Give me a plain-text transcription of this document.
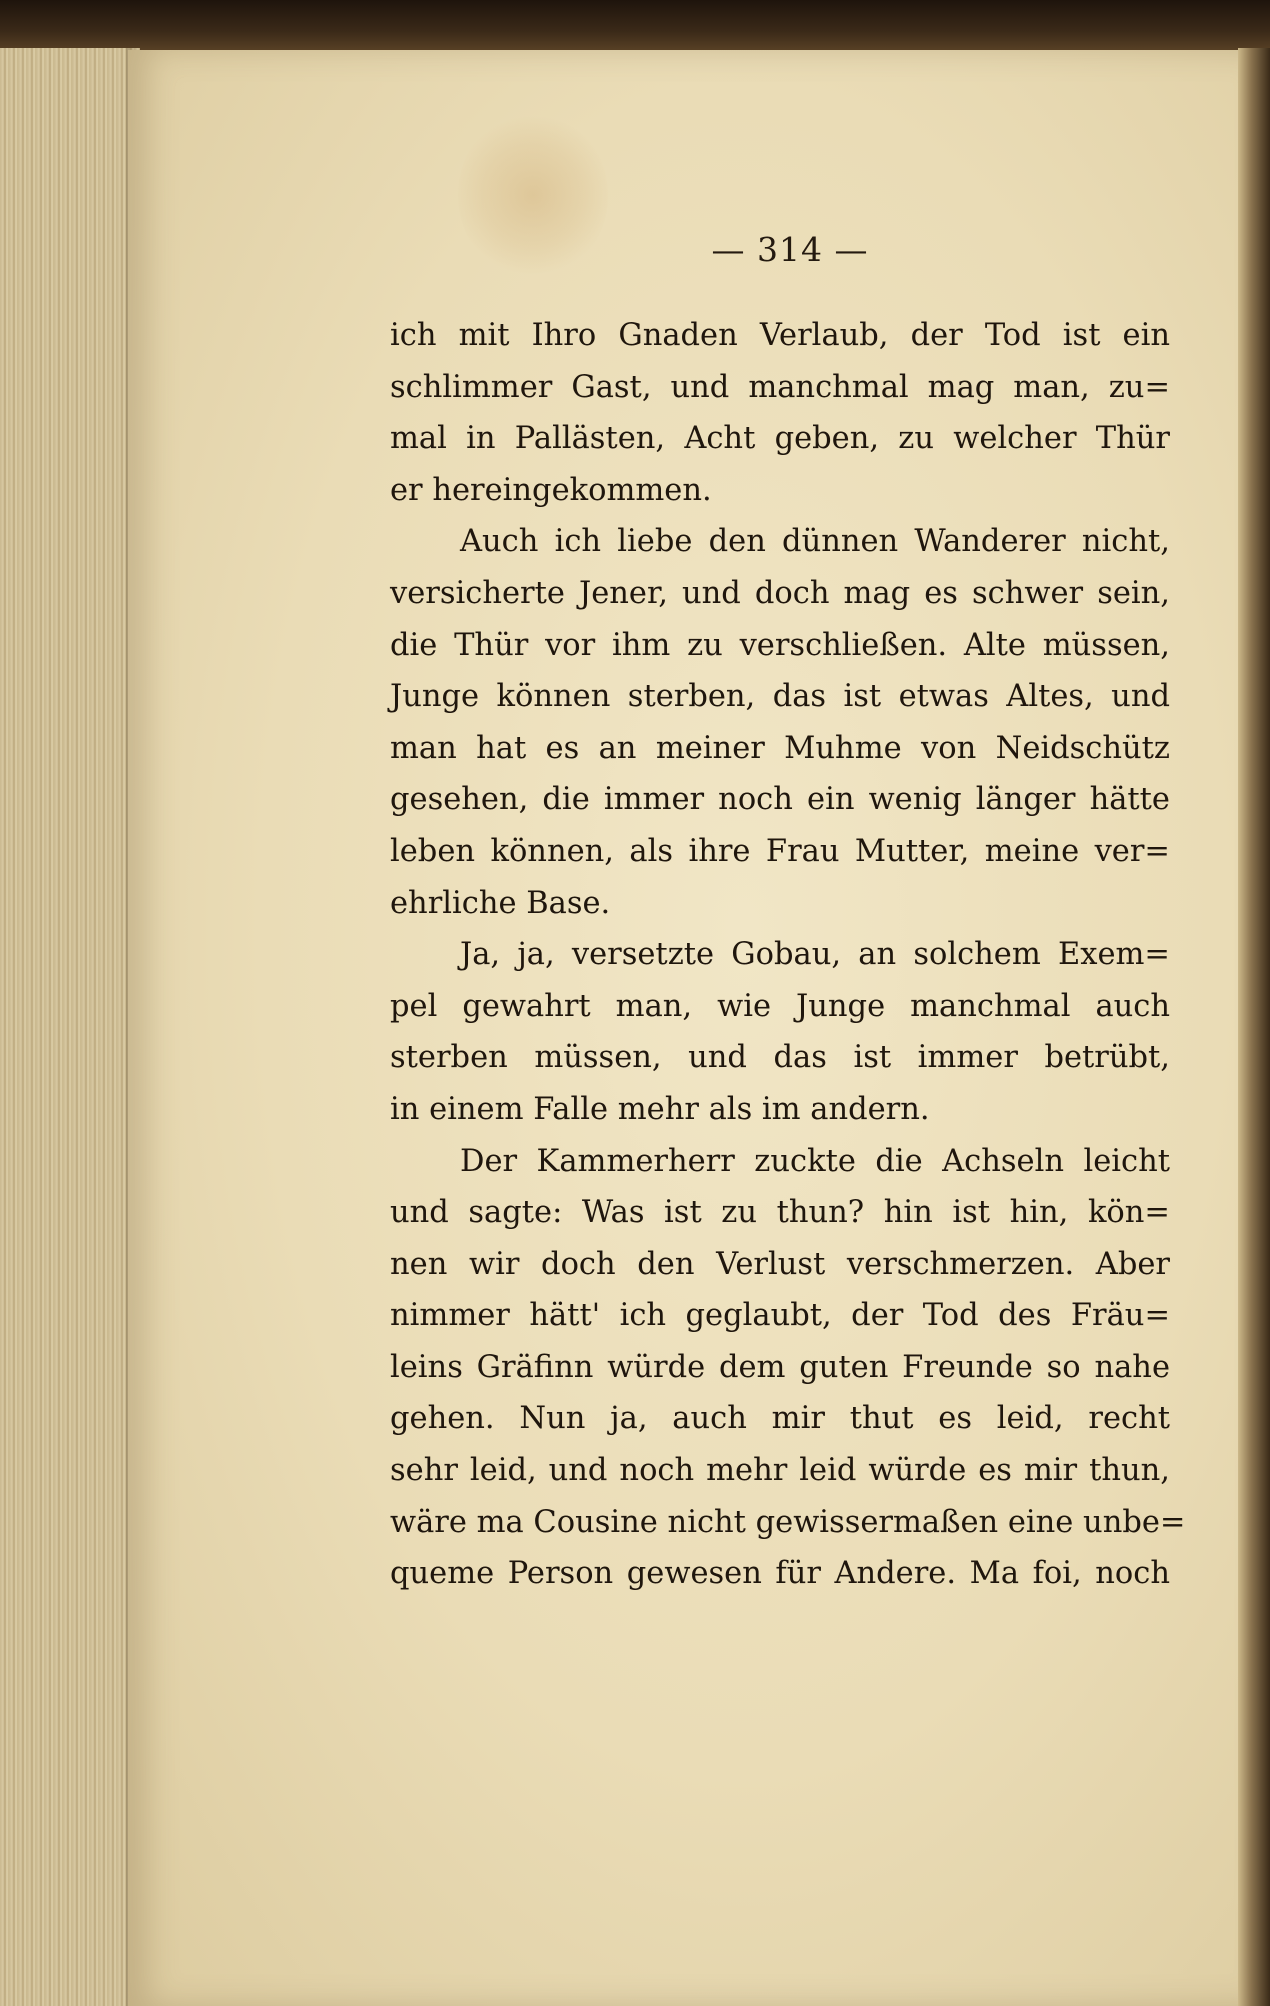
— 314 —
ich mit Ihro Gnaden Verlaub, der Tod ist ein
schlimmer Gast, und manchmal mag man, zu=
mal in Pallästen, Acht geben, zu welcher Thür
er hereingekommen.
Auch ich liebe den dünnen Wanderer nicht,
versicherte Jener, und doch mag es schwer sein,
die Thür vor ihm zu verschließen. Alte müssen,
Junge können sterben, das ist etwas Altes, und
man hat es an meiner Muhme von Neidschütz
gesehen, die immer noch ein wenig länger hätte
leben können, als ihre Frau Mutter, meine ver=
ehrliche Base.
Ja, ja, versetzte Gobau, an solchem Exem=
pel gewahrt man, wie Junge manchmal auch
sterben müssen, und das ist immer betrübt,
in einem Falle mehr als im andern.
Der Kammerherr zuckte die Achseln leicht
und sagte: Was ist zu thun? hin ist hin, kön=
nen wir doch den Verlust verschmerzen. Aber
nimmer hätt' ich geglaubt, der Tod des Fräu=
leins Gräfinn würde dem guten Freunde so nahe
gehen. Nun ja, auch mir thut es leid, recht
sehr leid, und noch mehr leid würde es mir thun,
wäre ma Cousine nicht gewissermaßen eine unbe=
queme Person gewesen für Andere. Ma foi, noch
